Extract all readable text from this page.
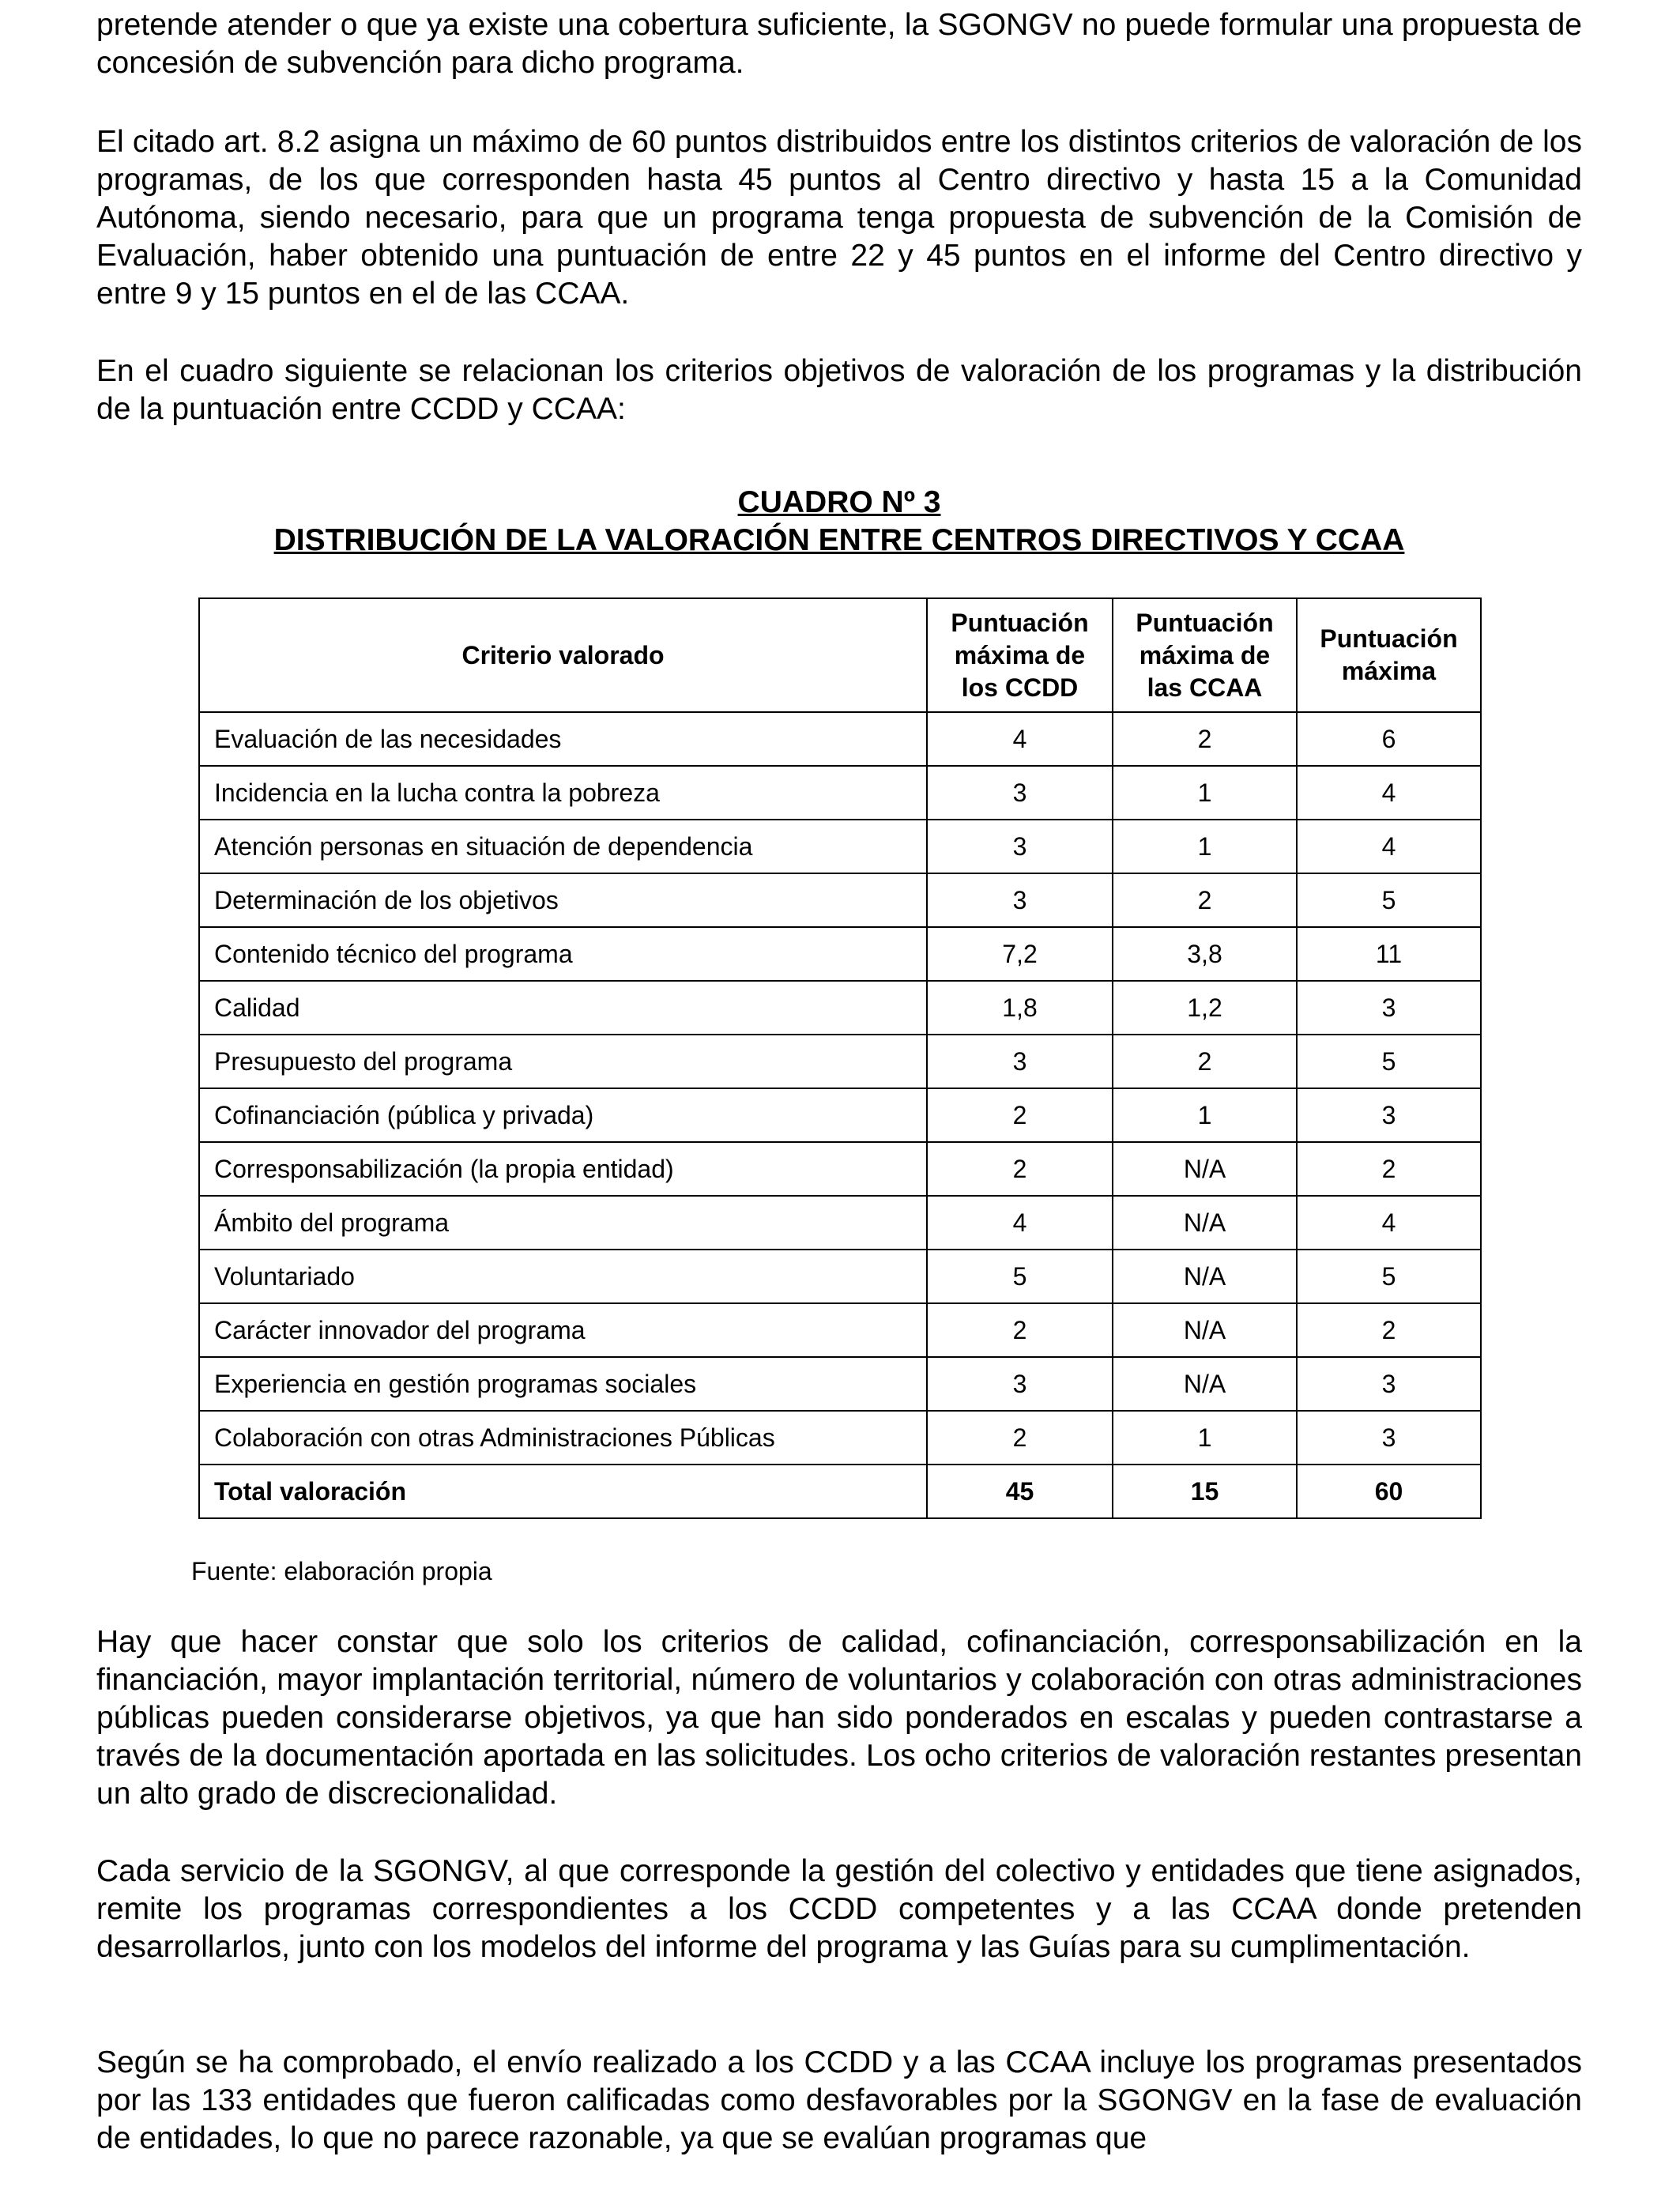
pretende atender o que ya existe una cobertura suficiente, la SGONGV no puede formular una propuesta de concesión de subvención para dicho programa.

El citado art. 8.2 asigna un máximo de 60 puntos distribuidos entre los distintos criterios de valoración de los programas, de los que corresponden hasta 45 puntos al Centro directivo y hasta 15 a la Comunidad Autónoma, siendo necesario, para que un programa tenga propuesta de subvención de la Comisión de Evaluación, haber obtenido una puntuación de entre 22 y 45 puntos en el informe del Centro directivo y entre 9 y 15 puntos en el de las CCAA.

En el cuadro siguiente se relacionan los criterios objetivos de valoración de los programas y la distribución de la puntuación entre CCDD y CCAA:

CUADRO Nº 3

DISTRIBUCIÓN DE LA VALORACIÓN ENTRE CENTROS DIRECTIVOS Y CCAA

Criterio valorado	Puntuación máxima de los CCDD	Puntuación máxima de las CCAA	Puntuación máxima
Evaluación de las necesidades	4	2	6
Incidencia en la lucha contra la pobreza	3	1	4
Atención personas en situación de dependencia	3	1	4
Determinación de los objetivos	3	2	5
Contenido técnico del programa	7,2	3,8	11
Calidad	1,8	1,2	3
Presupuesto del programa	3	2	5
Cofinanciación (pública y privada)	2	1	3
Corresponsabilización (la propia entidad)	2	N/A	2
Ámbito del programa	4	N/A	4
Voluntariado	5	N/A	5
Carácter innovador del programa	2	N/A	2
Experiencia en gestión programas sociales	3	N/A	3
Colaboración con otras Administraciones Públicas	2	1	3
Total valoración	45	15	60

Fuente: elaboración propia

Hay que hacer constar que solo los criterios de calidad, cofinanciación, corresponsabilización en la financiación, mayor implantación territorial, número de voluntarios y colaboración con otras administraciones públicas pueden considerarse objetivos, ya que han sido ponderados en escalas y pueden contrastarse a través de la documentación aportada en las solicitudes. Los ocho criterios de valoración restantes presentan un alto grado de discrecionalidad.

Cada servicio de la SGONGV, al que corresponde la gestión del colectivo y entidades que tiene asignados, remite los programas correspondientes a los CCDD competentes y a las CCAA donde pretenden desarrollarlos, junto con los modelos del informe del programa y las Guías para su cumplimentación.

Según se ha comprobado, el envío realizado a los CCDD y a las CCAA incluye los programas presentados por las 133 entidades que fueron calificadas como desfavorables por la SGONGV en la fase de evaluación de entidades, lo que no parece razonable, ya que se evalúan programas que
